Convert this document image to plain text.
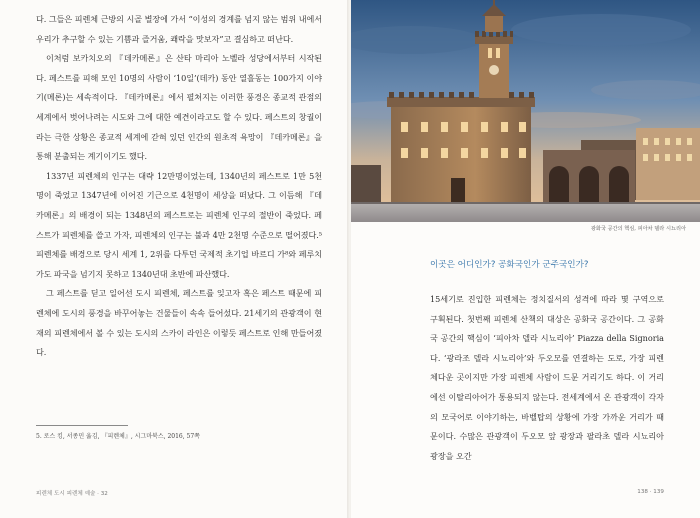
다. 그들은 피렌체 근방의 시골 별장에 가서 “이성의 경계를 넘지 않는 범위 내에서 우리가 추구할 수 있는 기쁨과 즐거움, 쾌락을 맛보자”고 결심하고 떠난다.

이처럼 보카치오의 『데카메론』은 산타 마리아 노벨라 성당에서부터 시작된다. 페스트를 피해 모인 10명의 사람이 ‘10일’(데카) 동안 열흘동는 100가지 이야기(메론)는 세속적이다. 『데카메론』에서 펼쳐지는 이러한 풍경은 종교적 관점의 세계에서 벗어나려는 시도와 그에 대한 예견이라고도 할 수 있다. 페스트의 창궐이라는 극한 상황은 종교적 세계에 갇혀 있던 인간의 원초적 욕망이 『데카메론』을 통해 분출되는 계기이기도 했다.

1337년 피렌체의 인구는 대략 12만명이었는데, 1340년의 페스트로 1만 5천명이 죽었고 1347년에 이어진 기근으로 4천명이 세상을 떠났다. 그 이듬해 『데카메론』의 배경이 되는 1348년의 페스트로는 피렌체 인구의 절반이 죽었다. 페스트가 피렌체를 쓸고 가자, 피렌체의 인구는 불과 4만 2천명 수준으로 떨어졌다.⁵ 피렌체를 배경으로 당시 세계 1, 2위를 다투던 국제적 초기업 바르디 가⁸와 페루치 가도 파국을 넘기지 못하고 1340년대 초반에 파산했다.

그 페스트를 딛고 일어선 도시 피렌체, 페스트를 잊고자 혹은 페스트 때문에 피렌체에 도시의 풍경을 바꾸어놓는 건물들이 속속 들어섰다. 21세기의 관광객이 현재의 피렌체에서 볼 수 있는 도시의 스카이 라인은 이렇듯 페스트로 인해 만들어졌다.

5. 로스 킹, 서종민 옮김, 『피렌체』, 시그마북스, 2016, 57쪽
피렌체 도시 피렌체 예술 · 32
광화국 공간의 핵심, 피아차 델라 시뇨리아
이곳은 어디인가? 공화국인가 군주국인가?

15세기로 진입한 피렌체는 정치질서의 성격에 따라 몇 구역으로 구획된다. 첫번째 피렌체 산책의 대상은 공화국 공간이다. 그 공화국 공간의 핵심이 ‘피아차 델라 시뇨리아’ Piazza della Signoria 다. ‘광라조 델라 시뇨리아’와 두오모를 연결하는 도로, 가장 피렌체다운 곳이지만 가장 피렌체 사람이 드문 거리기도 하다. 이 거리에선 이탈리아어가 통용되지 않는다. 전세계에서 온 관광객이 각자의 모국어로 이야기하는, 바벨탑의 상황에 가장 가까운 거리가 때문이다. 수많은 관광객이 두오모 앞 광장과 팔라초 델라 시뇨리아 광장을 오간

138 · 139
